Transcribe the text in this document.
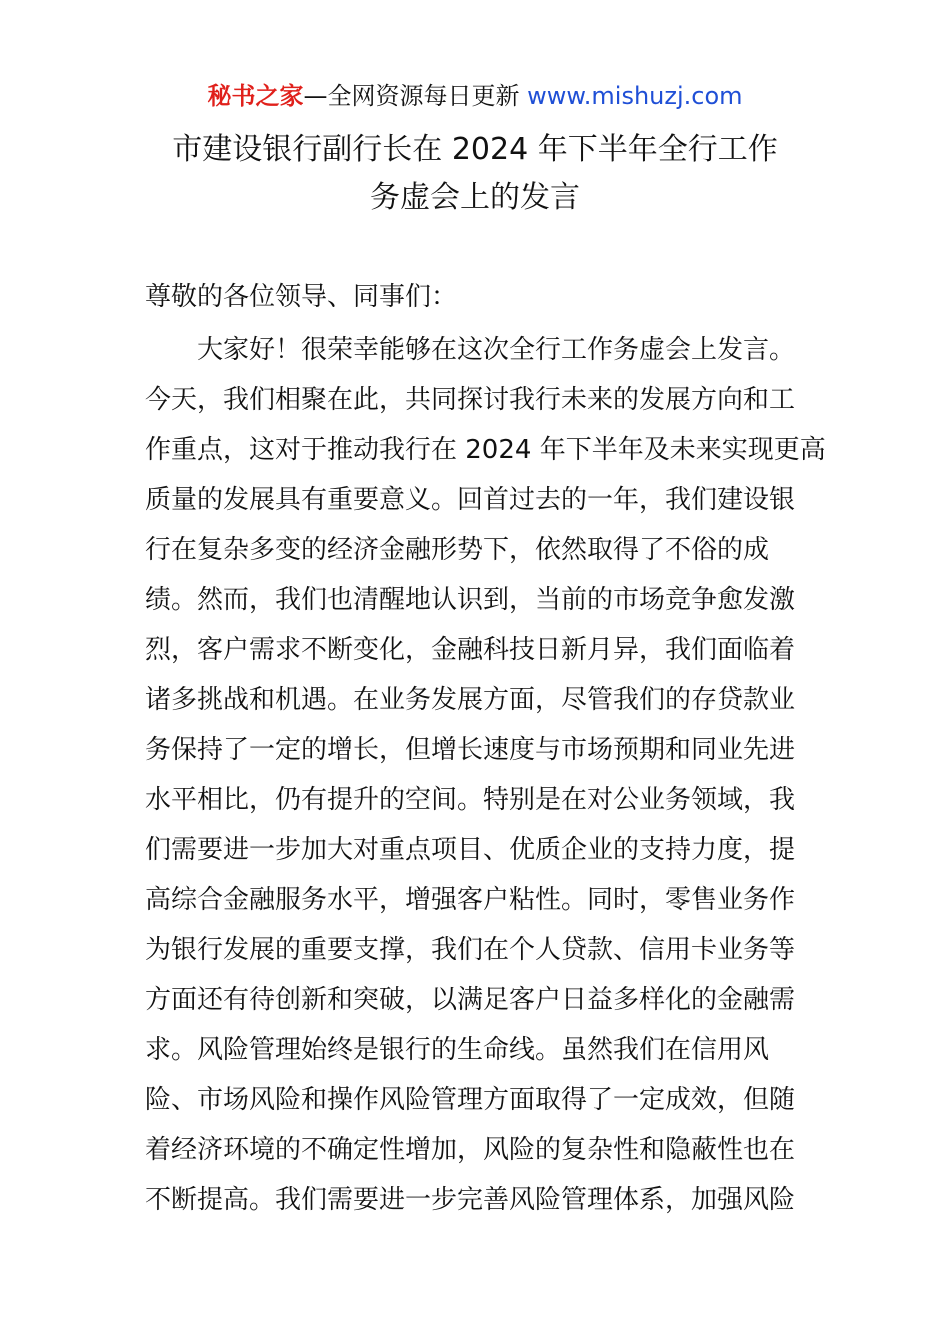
秘书之家—全网资源每日更新 www.mishuzj.com
市建设银行副行长在 2024 年下半年全行工作
务虚会上的发言

尊敬的各位领导、同事们：

　　大家好！很荣幸能够在这次全行工作务虚会上发言。
今天，我们相聚在此，共同探讨我行未来的发展方向和工
作重点，这对于推动我行在 2024 年下半年及未来实现更高
质量的发展具有重要意义。回首过去的一年，我们建设银
行在复杂多变的经济金融形势下，依然取得了不俗的成
绩。然而，我们也清醒地认识到，当前的市场竞争愈发激
烈，客户需求不断变化，金融科技日新月异，我们面临着
诸多挑战和机遇。在业务发展方面，尽管我们的存贷款业
务保持了一定的增长，但增长速度与市场预期和同业先进
水平相比，仍有提升的空间。特别是在对公业务领域，我
们需要进一步加大对重点项目、优质企业的支持力度，提
高综合金融服务水平，增强客户粘性。同时，零售业务作
为银行发展的重要支撑，我们在个人贷款、信用卡业务等
方面还有待创新和突破，以满足客户日益多样化的金融需
求。风险管理始终是银行的生命线。虽然我们在信用风
险、市场风险和操作风险管理方面取得了一定成效，但随
着经济环境的不确定性增加，风险的复杂性和隐蔽性也在
不断提高。我们需要进一步完善风险管理体系，加强风险
